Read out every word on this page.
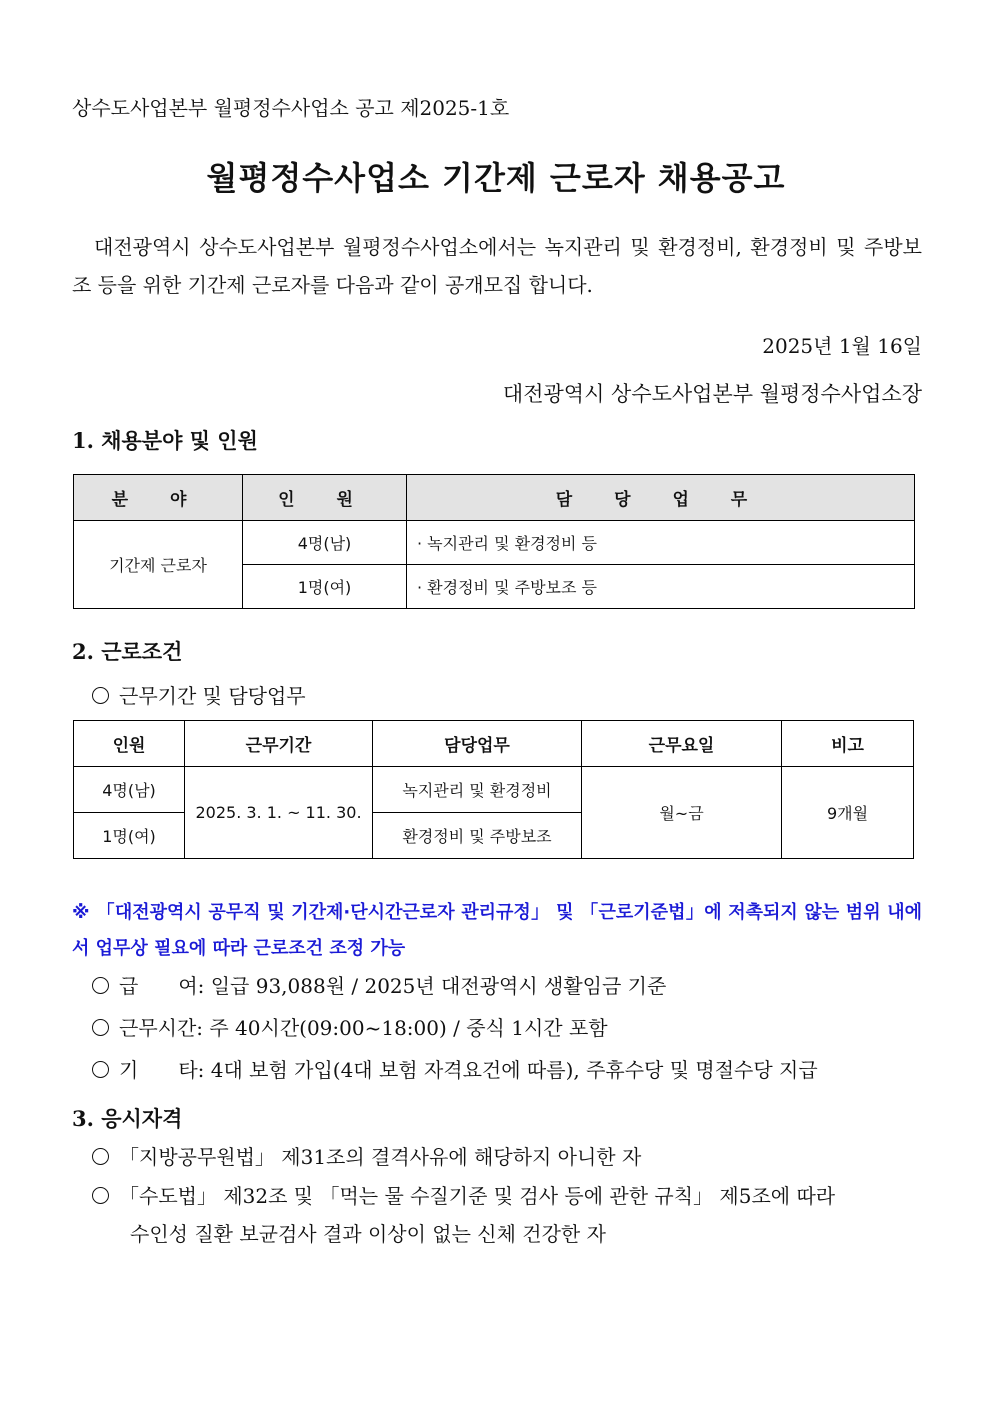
상수도사업본부 월평정수사업소 공고 제2025-1호
월평정수사업소 기간제 근로자 채용공고
대전광역시 상수도사업본부 월평정수사업소에서는 녹지관리 및 환경정비, 환경정비 및 주방보조 등을 위한 기간제 근로자를 다음과 같이 공개모집 합니다.
2025년 1월 16일
대전광역시 상수도사업본부 월평정수사업소장
1. 채용분야 및 인원
분 야	인 원	담 당 업 무
기간제 근로자	4명(남)	· 녹지관리 및 환경정비 등
	1명(여)	· 환경정비 및 주방보조 등
2. 근로조건
근무기간 및 담당업무
인원	근무기간	담당업무	근무요일	비고
4명(남)	2025. 3. 1. ~ 11. 30.	녹지관리 및 환경정비	월~금	9개월
1명(여)		환경정비 및 주방보조		
※ 「대전광역시 공무직 및 기간제·단시간근로자 관리규정」 및 「근로기준법」에 저촉되지 않는 범위 내에서 업무상 필요에 따라 근로조건 조정 가능
급　　여: 일급 93,088원 / 2025년 대전광역시 생활임금 기준
근무시간: 주 40시간(09:00~18:00) / 중식 1시간 포함
기　　타: 4대 보험 가입(4대 보험 자격요건에 따름), 주휴수당 및 명절수당 지급
3. 응시자격
「지방공무원법」 제31조의 결격사유에 해당하지 아니한 자
「수도법」 제32조 및 「먹는 물 수질기준 및 검사 등에 관한 규칙」 제5조에 따라
수인성 질환 보균검사 결과 이상이 없는 신체 건강한 자
